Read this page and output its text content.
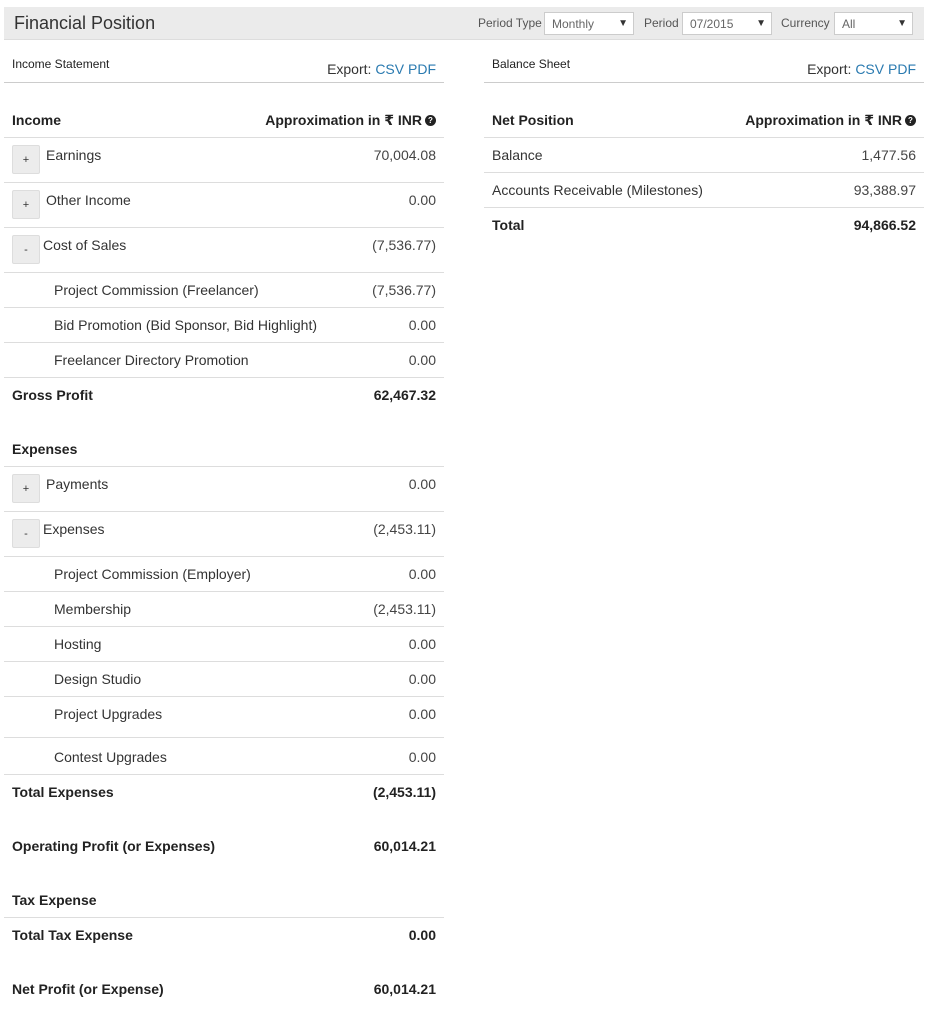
Financial Position	Period Type Monthly ▼ Period 07/2015 ▼ Currency	All	▼
Income Statement	Export: CSV PDF
Income	Approximation in ₹ INR ?
+	Earnings	70,004.08
+	Other Income	0.00
-	Cost of Sales	(7,536.77)
Project Commission (Freelancer)	(7,536.77)
Bid Promotion (Bid Sponsor, Bid Highlight)	0.00
Freelancer Directory Promotion	0.00
Gross Profit	62,467.32
Expenses
+	Payments	0.00
-	Expenses	(2,453.11)
Project Commission (Employer)	0.00
Membership	(2,453.11)
Hosting	0.00
Design Studio	0.00
Project Upgrades	0.00
Contest Upgrades	0.00
Total Expenses	(2,453.11)
Operating Profit (or Expenses)	60,014.21
Tax Expense
Total Tax Expense	0.00
Net Profit (or Expense)	60,014.21
Balance Sheet	Export: CSV PDF
Net Position	Approximation in ₹ INR ?
Balance	1,477.56
Accounts Receivable (Milestones)	93,388.97
Total	94,866.52
